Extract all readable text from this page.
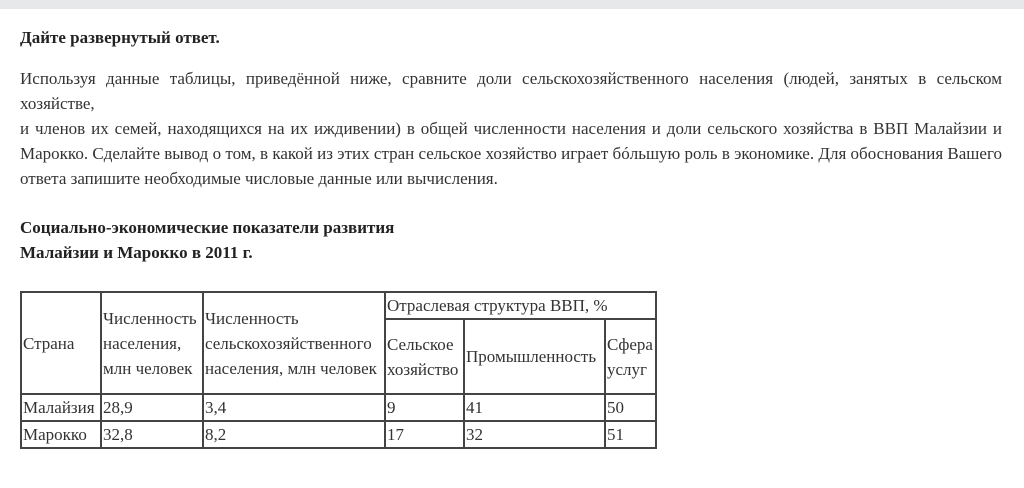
Дайте развернутый ответ.

Используя данные таблицы, приведённой ниже, сравните доли сельскохозяйственного населения (людей, занятых в сельском хозяйстве,
и членов их семей, находящихся на их иждивении) в общей численности населения и доли сельского хозяйства в ВВП Малайзии и Марокко. Сделайте вывод о том, в какой из этих стран сельское хозяйство играет бóльшую роль в экономике. Для обоснования Вашего ответа запишите необходимые числовые данные или вычисления.

Социально-экономические показатели развития
Малайзии и Марокко в 2011 г.

Страна	Численность населения, млн человек	Численность сельскохозяйственного населения, млн человек	Отраслевая структура ВВП, %		
			Сельское хозяйство	Промышленность	Сфера услуг
Малайзия	28,9	3,4	9	41	50
Марокко	32,8	8,2	17	32	51
